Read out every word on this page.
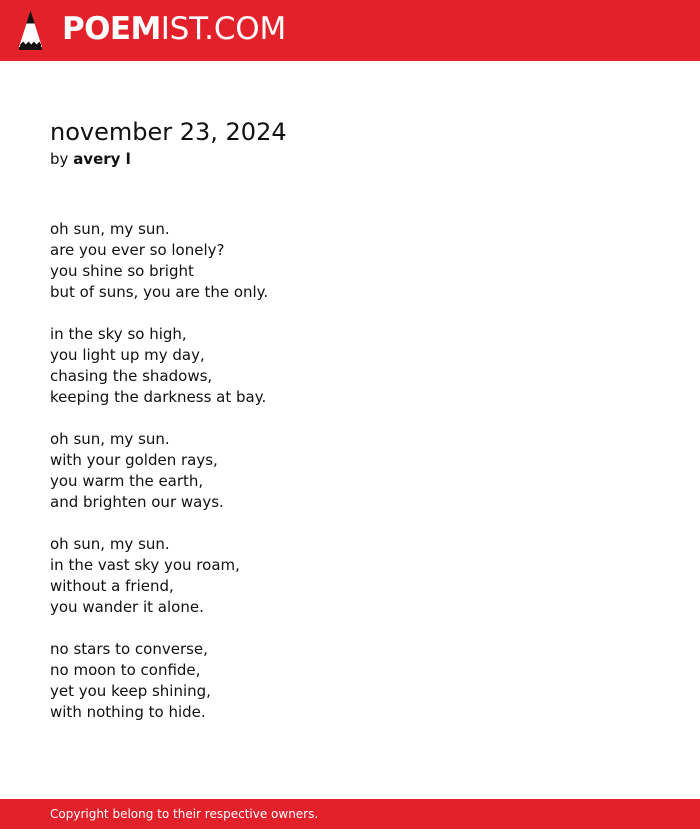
POEMIST.COM
november 23, 2024
by avery l
oh sun, my sun.
are you ever so lonely?
you shine so bright
but of suns, you are the only.
in the sky so high,
you light up my day,
chasing the shadows,
keeping the darkness at bay.
oh sun, my sun.
with your golden rays,
you warm the earth,
and brighten our ways.
oh sun, my sun.
in the vast sky you roam,
without a friend,
you wander it alone.
no stars to converse,
no moon to confide,
yet you keep shining,
with nothing to hide.
Copyright belong to their respective owners.
